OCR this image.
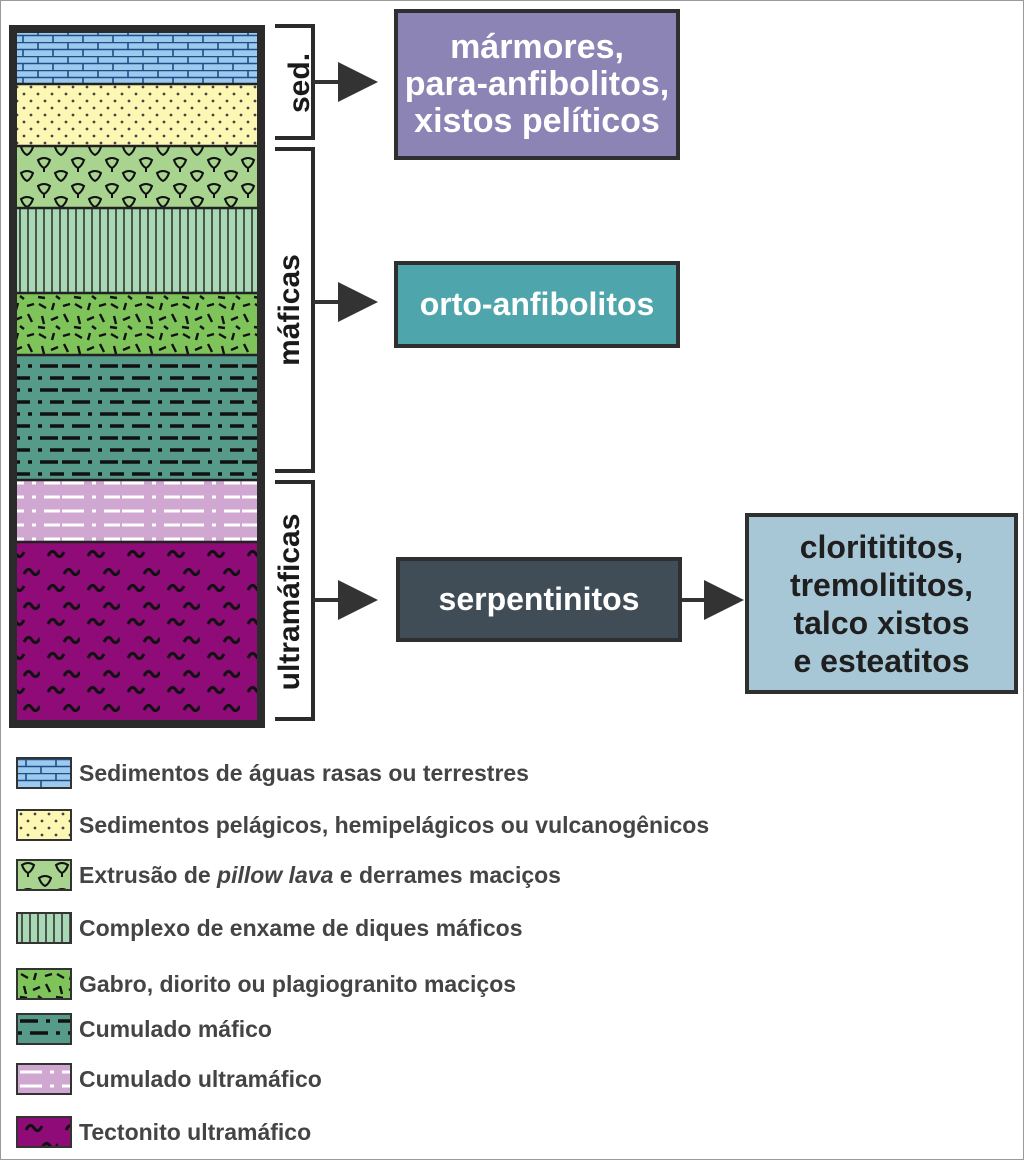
sed.
máficas
ultramáficas
mármores,
para-anfibolitos,
xistos pelíticos
orto-anfibolitos
serpentinitos
cloritititos,
tremolititos,
talco xistos
e esteatitos
Sedimentos de águas rasas ou terrestres
Sedimentos pelágicos, hemipelágicos ou vulcanogênicos
Extrusão de pillow lava e derrames maciços
Complexo de enxame de diques máficos
Gabro, diorito ou plagiogranito maciços
Cumulado máfico
Cumulado ultramáfico
Tectonito ultramáfico
